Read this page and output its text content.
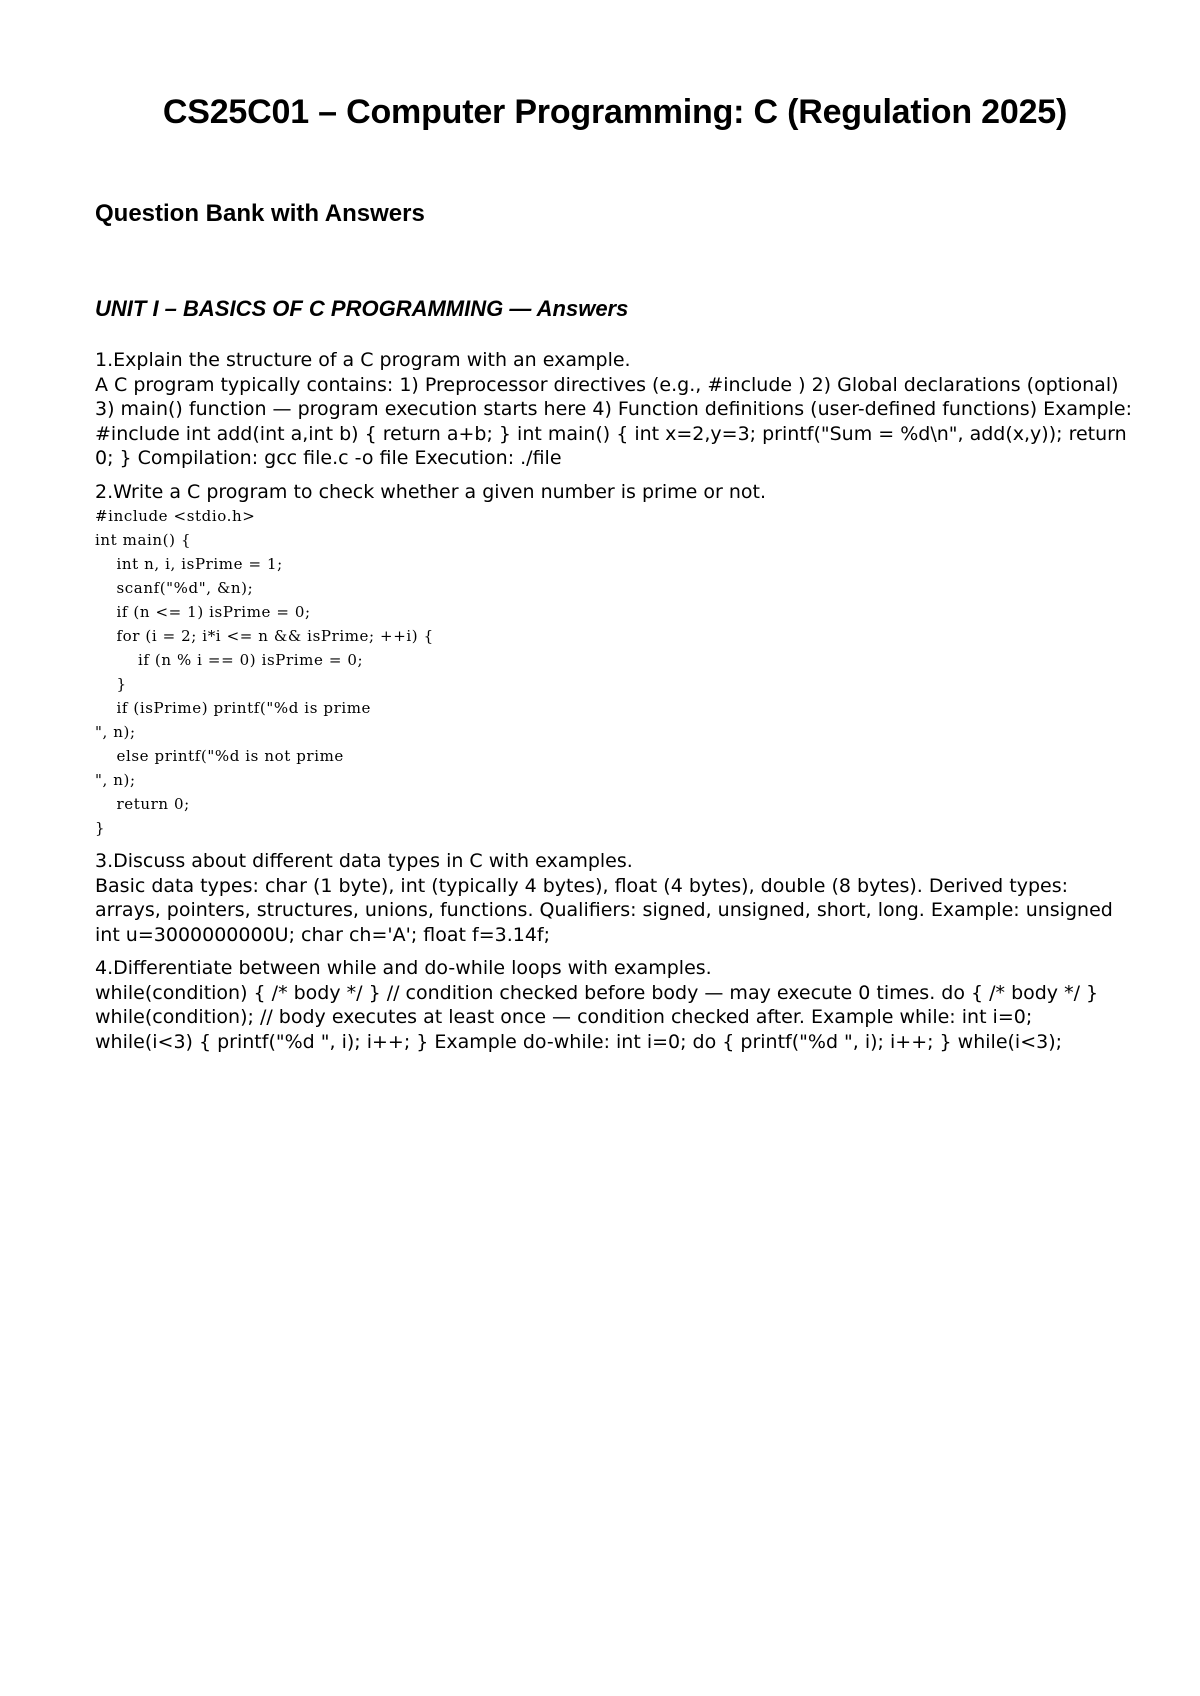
CS25C01 – Computer Programming: C (Regulation 2025)
Question Bank with Answers
UNIT I – BASICS OF C PROGRAMMING — Answers

1.Explain the structure of a C program with an example.

A C program typically contains: 1) Preprocessor directives (e.g., #include ) 2) Global declarations (optional) 3) main() function — program execution starts here 4) Function definitions (user-defined functions) Example: #include int add(int a,int b) { return a+b; } int main() { int x=2,y=3; printf("Sum = %d\n", add(x,y)); return 0; } Compilation: gcc file.c -o file Execution: ./file

2.Write a C program to check whether a given number is prime or not.

#include <stdio.h>
int main() {
int n, i, isPrime = 1;
scanf("%d", &n);
if (n <= 1) isPrime = 0;
for (i = 2; i*i <= n && isPrime; ++i) {
if (n % i == 0) isPrime = 0;
}
if (isPrime) printf("%d is prime
", n);
else printf("%d is not prime
", n);
return 0;
}

3.Discuss about different data types in C with examples.

Basic data types: char (1 byte), int (typically 4 bytes), float (4 bytes), double (8 bytes). Derived types: arrays, pointers, structures, unions, functions. Qualifiers: signed, unsigned, short, long. Example: unsigned int u=3000000000U; char ch='A'; float f=3.14f;

4.Differentiate between while and do-while loops with examples.

while(condition) { /* body */ } // condition checked before body — may execute 0 times. do { /* body */ } while(condition); // body executes at least once — condition checked after. Example while: int i=0; while(i<3) { printf("%d ", i); i++; } Example do-while: int i=0; do { printf("%d ", i); i++; } while(i<3);
